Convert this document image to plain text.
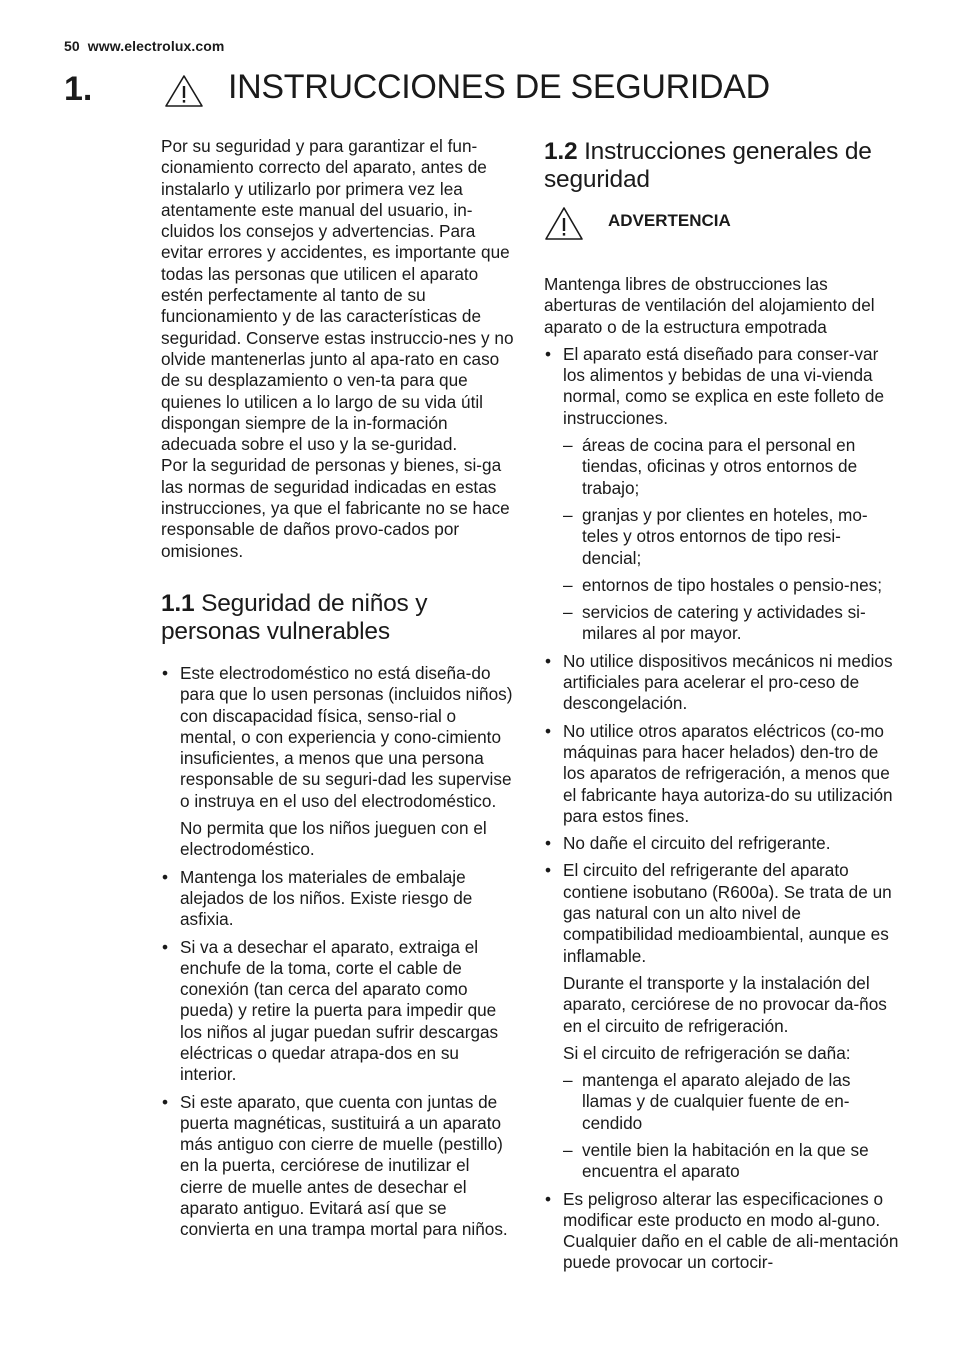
50 www.electrolux.com
1.	INSTRUCCIONES DE SEGURIDAD

Por su seguridad y para garantizar el fun-cionamiento correcto del aparato, antes de instalarlo y utilizarlo por primera vez lea atentamente este manual del usuario, in-cluidos los consejos y advertencias. Para evitar errores y accidentes, es importante que todas las personas que utilicen el aparato estén perfectamente al tanto de su funcionamiento y de las características de seguridad. Conserve estas instruccio-nes y no olvide mantenerlas junto al apa-rato en caso de su desplazamiento o ven-ta para que quienes lo utilicen a lo largo de su vida útil dispongan siempre de la in-formación adecuada sobre el uso y la se-guridad.

Por la seguridad de personas y bienes, si-ga las normas de seguridad indicadas en estas instrucciones, ya que el fabricante no se hace responsable de daños provo-cados por omisiones.

1.1 Seguridad de niños y personas vulnerables
• Este electrodoméstico no está diseña-do para que lo usen personas (incluidos niños) con discapacidad física, senso-rial o mental, o con experiencia y cono-cimiento insuficientes, a menos que una persona responsable de su seguri-dad les supervise o instruya en el uso del electrodoméstico.

No permita que los niños jueguen con el electrodoméstico.

• Mantenga los materiales de embalaje alejados de los niños. Existe riesgo de asfixia.
• Si va a desechar el aparato, extraiga el enchufe de la toma, corte el cable de conexión (tan cerca del aparato como pueda) y retire la puerta para impedir que los niños al jugar puedan sufrir descargas eléctricas o quedar atrapa-dos en su interior.
• Si este aparato, que cuenta con juntas de puerta magnéticas, sustituirá a un aparato más antiguo con cierre de muelle (pestillo) en la puerta, cerciórese de inutilizar el cierre de muelle antes de desechar el aparato antiguo. Evitará así que se convierta en una trampa mortal para niños.
1.2 Instrucciones generales de seguridad
ADVERTENCIA

Mantenga libres de obstrucciones las aberturas de ventilación del alojamiento del aparato o de la estructura empotrada

• El aparato está diseñado para conser-var los alimentos y bebidas de una vi-vienda normal, como se explica en este folleto de instrucciones.
– áreas de cocina para el personal en tiendas, oficinas y otros entornos de trabajo;
– granjas y por clientes en hoteles, mo-teles y otros entornos de tipo resi-dencial;
– entornos de tipo hostales o pensio-nes;
– servicios de catering y actividades si-milares al por mayor.
• No utilice dispositivos mecánicos ni medios artificiales para acelerar el pro-ceso de descongelación.
• No utilice otros aparatos eléctricos (co-mo máquinas para hacer helados) den-tro de los aparatos de refrigeración, a menos que el fabricante haya autoriza-do su utilización para estos fines.
• No dañe el circuito del refrigerante.
• El circuito del refrigerante del aparato contiene isobutano (R600a). Se trata de un gas natural con un alto nivel de compatibilidad medioambiental, aunque es inflamable.

Durante el transporte y la instalación del aparato, cerciórese de no provocar da-ños en el circuito de refrigeración.

Si el circuito de refrigeración se daña:

– mantenga el aparato alejado de las llamas y de cualquier fuente de en-cendido
– ventile bien la habitación en la que se encuentra el aparato
• Es peligroso alterar las especificaciones o modificar este producto en modo al-guno. Cualquier daño en el cable de ali-mentación puede provocar un cortocir-
